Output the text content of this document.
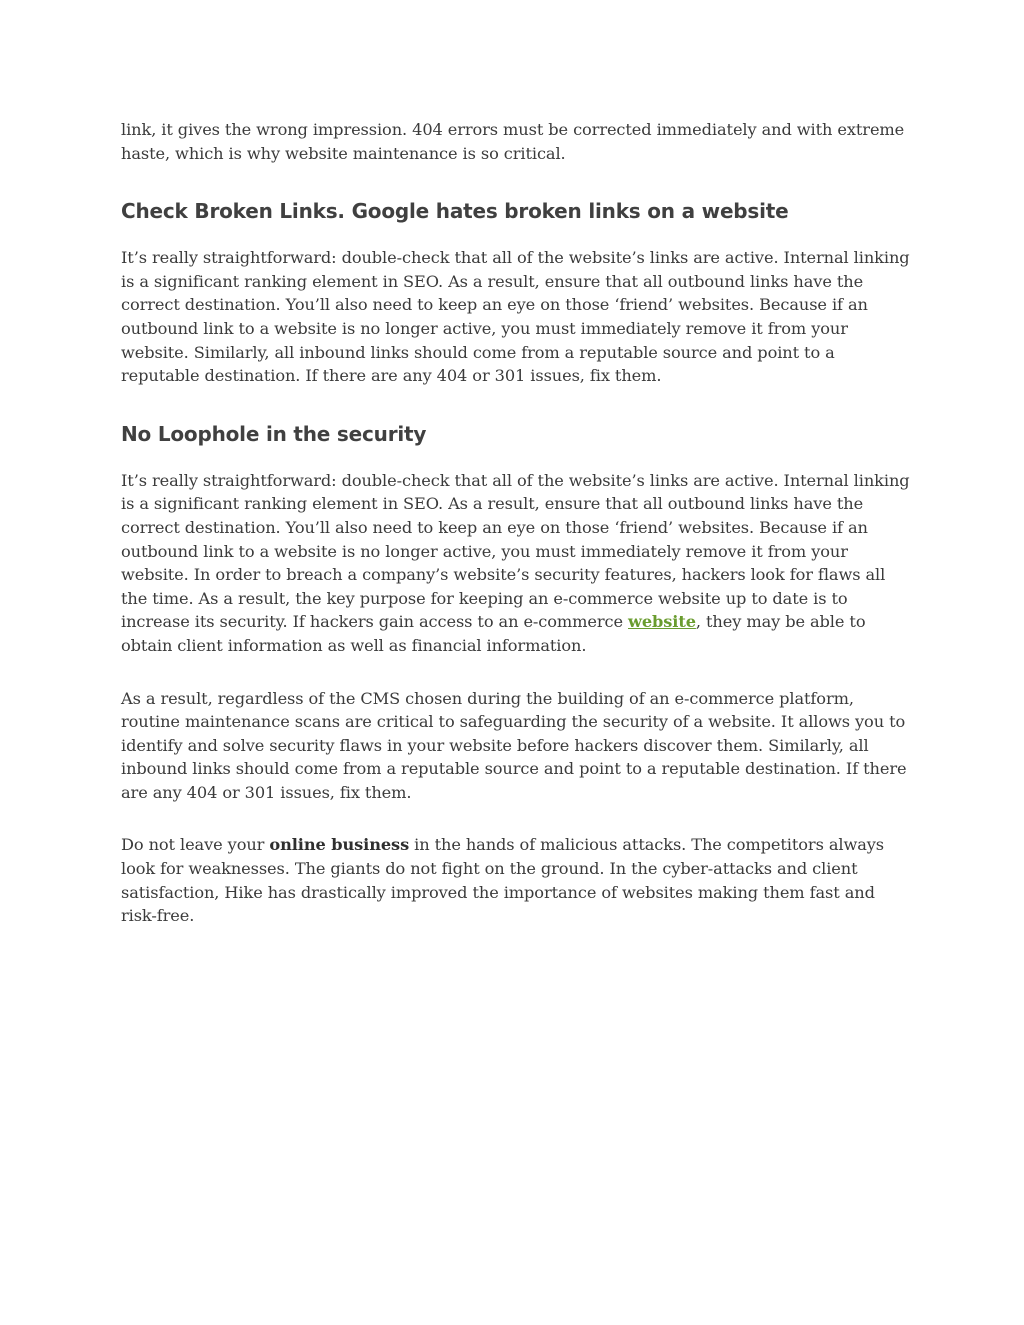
link, it gives the wrong impression. 404 errors must be corrected immediately and with extreme haste, which is why website maintenance is so critical.

Check Broken Links. Google hates broken links on a website

It’s really straightforward: double-check that all of the website’s links are active. Internal linking is a significant ranking element in SEO. As a result, ensure that all outbound links have the correct destination. You’ll also need to keep an eye on those ‘friend’ websites. Because if an outbound link to a website is no longer active, you must immediately remove it from your website. Similarly, all inbound links should come from a reputable source and point to a reputable destination. If there are any 404 or 301 issues, fix them.

No Loophole in the security

It’s really straightforward: double-check that all of the website’s links are active. Internal linking is a significant ranking element in SEO. As a result, ensure that all outbound links have the correct destination. You’ll also need to keep an eye on those ‘friend’ websites. Because if an outbound link to a website is no longer active, you must immediately remove it from your website. In order to breach a company’s website’s security features, hackers look for flaws all the time. As a result, the key purpose for keeping an e-commerce website up to date is to increase its security. If hackers gain access to an e-commerce website, they may be able to obtain client information as well as financial information.

As a result, regardless of the CMS chosen during the building of an e-commerce platform, routine maintenance scans are critical to safeguarding the security of a website. It allows you to identify and solve security flaws in your website before hackers discover them. Similarly, all inbound links should come from a reputable source and point to a reputable destination. If there are any 404 or 301 issues, fix them.

Do not leave your online business in the hands of malicious attacks. The competitors always look for weaknesses. The giants do not fight on the ground. In the cyber-attacks and client satisfaction, Hike has drastically improved the importance of websites making them fast and risk-free.
